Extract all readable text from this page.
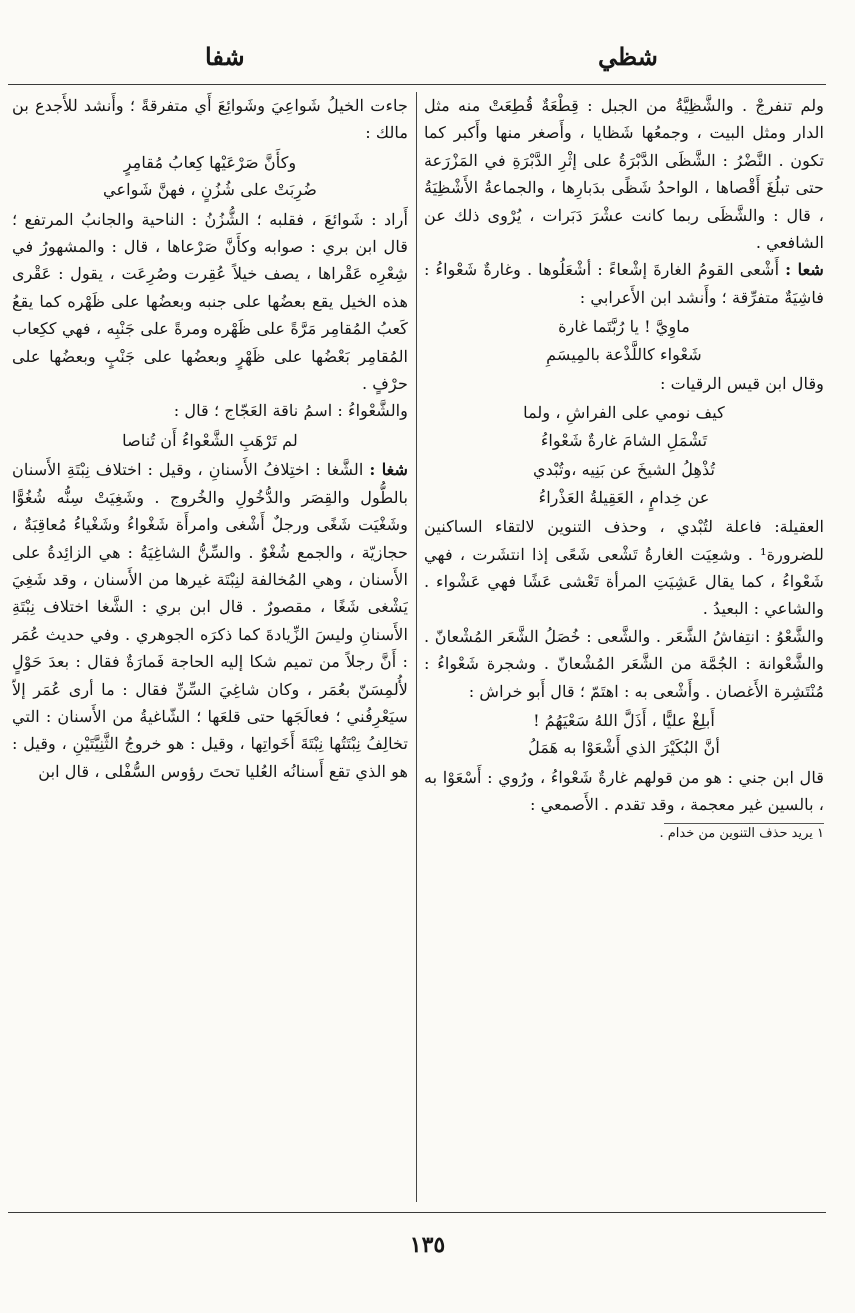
شظي
شفا

ولم تنفرجْ . والشَّظِيَّةُ من الجبل : قِطْعَةٌ قُطِعَتْ منه مثل الدار ومثل البيت ، وجمعُها شَظايا ، وأَصغر منها وأَكبر كما تكون . النَّضْرُ : الشَّظَى الدَّبْرَةُ على إثْرِ الدَّبْرَةِ في المَزْرَعة حتى تبلُغَ أَقْصاها ، الواحدُ شَظًى بدَبارِها ، والجماعةُ الأَشْظِيَةُ ، قال : والشَّظَى ربما كانت عشْرَ دَبَرات ، يُرْوى ذلك عن الشافعي .

شعا : أَشْعى القومُ الغارةَ إشْعاءً : أشْعَلُوها . وغارةٌ شَعْواءُ : فاشِيَةٌ متفرِّقة ؛ وأَنشد ابن الأَعرابي :

ماوِيَّ ! يا رُبَّتَما غارة
شَعْواء كاللَّذْعة بالمِيسَمِ

وقال ابن قيس الرقيات :

كيف نومي على الفراشِ ، ولما
تَشْمَلِ الشامَ غارةٌ شَعْواءُ
تُذْهِلُ الشيخَ عن بَنِيه ،وتُبْدي
عن خِدامٍ ، العَقِيلةُ العَذْراءُ

العقيلة: فاعلة لتُبْدي ، وحذف التنوين لالتقاء الساكنين للضرورة¹ . وشعِيَت الغارةُ تَشْعى شَعًى إذا انتشَرت ، فهي شَعْواءُ ، كما يقال عَشِيَتِ المرأة تَعْشى عَشًا فهي عَشْواء . والشاعي : البعيدُ .

والشَّعْوُ : انتِفاشُ الشَّعَر . والشَّعى : خُصَلُ الشَّعَر المُشْعانّ . والشَّعْوانة : الجُمَّة من الشَّعَر المُشْعانّ . وشجرة شَعْواءُ : مُنْتَشِرة الأَغصان . وأَشْعى به : اهتَمّ ؛ قال أَبو خراش :

أَبلِغْ عليًّا ، أَذَلَّ اللهُ سَعْيَهُمُ !
أنَّ البُكَيْرَ الذي أَشْعَوْا به هَمَلُ

قال ابن جني : هو من قولهم غارةٌ شَعْواءُ ، ورُوي : أَسْعَوْا به ، بالسين غير معجمة ، وقد تقدم . الأَصمعي :

١ يريد حذف التنوين من خدام .

جاءت الخيلُ شَواعِيَ وشَوائِعَ أَي متفرقةً ؛ وأَنشد للأَجدع بن مالك :

وكأَنَّ صَرْعَيْها كِعابُ مُقامِرٍ
ضُرِبَتْ على شُزُنٍ ، فهنَّ شَواعي

أَراد : شَوائعَ ، فقلبه ؛ الشُّزُنُ : الناحية والجانبُ المرتفع ؛ قال ابن بري : صوابه وكأَنَّ صَرْعاها ، قال : والمشهورُ في شِعْرِه عَقْراها ، يصف خيلاً عُقِرت وصُرِعَت ، يقول : عَقْرى هذه الخيل يقع بعضُها على جنبه وبعضُها على ظَهْره كما يقعُ كَعبُ المُقامِر مَرَّةً على ظَهْره ومرةً على جَنْبِه ، فهي ككِعاب المُقامِر بَعْضُها على ظَهْرٍ وبعضُها على جَنْبٍ وبعضُها على حرْفٍ .

والشَّعْواءُ : اسمُ ناقة العَجّاج ؛ قال :

لم تَرْهَبِ الشَّعْواءُ أَن تُناصا

شغا : الشَّغا : اختِلافُ الأَسنانِ ، وقيل : اختلاف نِبْتَةِ الأَسنان بالطُّول والقِصَر والدُّخُولِ والخُروج . وشَغِيَتْ سِنُّه شُغُوًّا وشَغْيَت شَغًى ورجلٌ أَشْغى وامرأَة شَغْواءُ وشَغْياءُ مُعاقِبَةٌ ، حجازيّة ، والجمع شُغْوٌ . والسِّنُّ الشاغِيَةُ : هي الزائِدةُ على الأَسنان ، وهي المُخالفة لنِبْتَة غيرها من الأَسنان ، وقد شَغِيَ يَشْغى شَغًا ، مقصورٌ . قال ابن بري : الشَّغا اختلاف نِبْتَةِ الأَسنانِ وليسَ الزِّيادةَ كما ذكرَه الجوهري . وفي حديث عُمَر : أَنَّ رجلاً من تميم شكا إليه الحاجة فَمارَةٌ فقال : بعدَ حَوْلٍ لأُلمِسَنّ بعُمَر ، وكان شاغِيَ السِّنِّ فقال : ما أرى عُمَر إلاّ سيَعْرِفُني ؛ فعالَجَها حتى قلعَها ؛ الشّاغيةُ من الأَسنان : التي تخالِفُ نِبْتَتُها نِبْتَةَ أَخَواتِها ، وقيل : هو خروجُ الثَّنِيَّتَيْنِ ، وقيل : هو الذي تقع أَسنانُه العُليا تحتَ رؤوس السُّفْلى ، قال ابن

١٣٥
